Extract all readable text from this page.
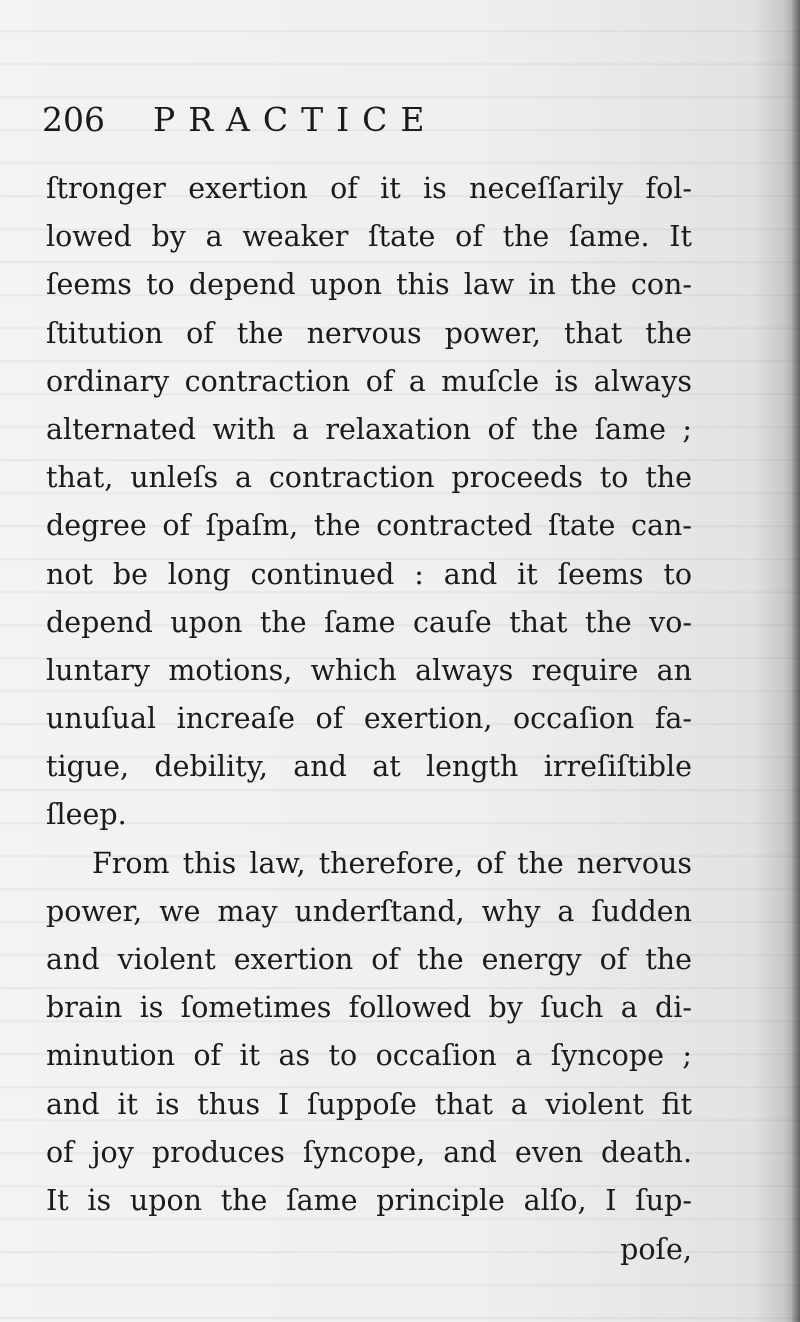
206 PRACTICE
ſtronger exertion of it is neceſſarily fol-
lowed by a weaker ſtate of the ſame. It
ſeems to depend upon this law in the con-
ſtitution of the nervous power, that the
ordinary contraction of a muſcle is always
alternated with a relaxation of the ſame ;
that, unleſs a contraction proceeds to the
degree of ſpaſm, the contracted ſtate can-
not be long continued : and it ſeems to
depend upon the ſame cauſe that the vo-
luntary motions, which always require an
unuſual increaſe of exertion, occaſion fa-
tigue, debility, and at length irreſiſtible
ſleep.
From this law, therefore, of the nervous
power, we may underſtand, why a ſudden
and violent exertion of the energy of the
brain is ſometimes followed by ſuch a di-
minution of it as to occaſion a ſyncope ;
and it is thus I ſuppoſe that a violent fit
of joy produces ſyncope, and even death.
It is upon the ſame principle alſo, I ſup-
poſe,
